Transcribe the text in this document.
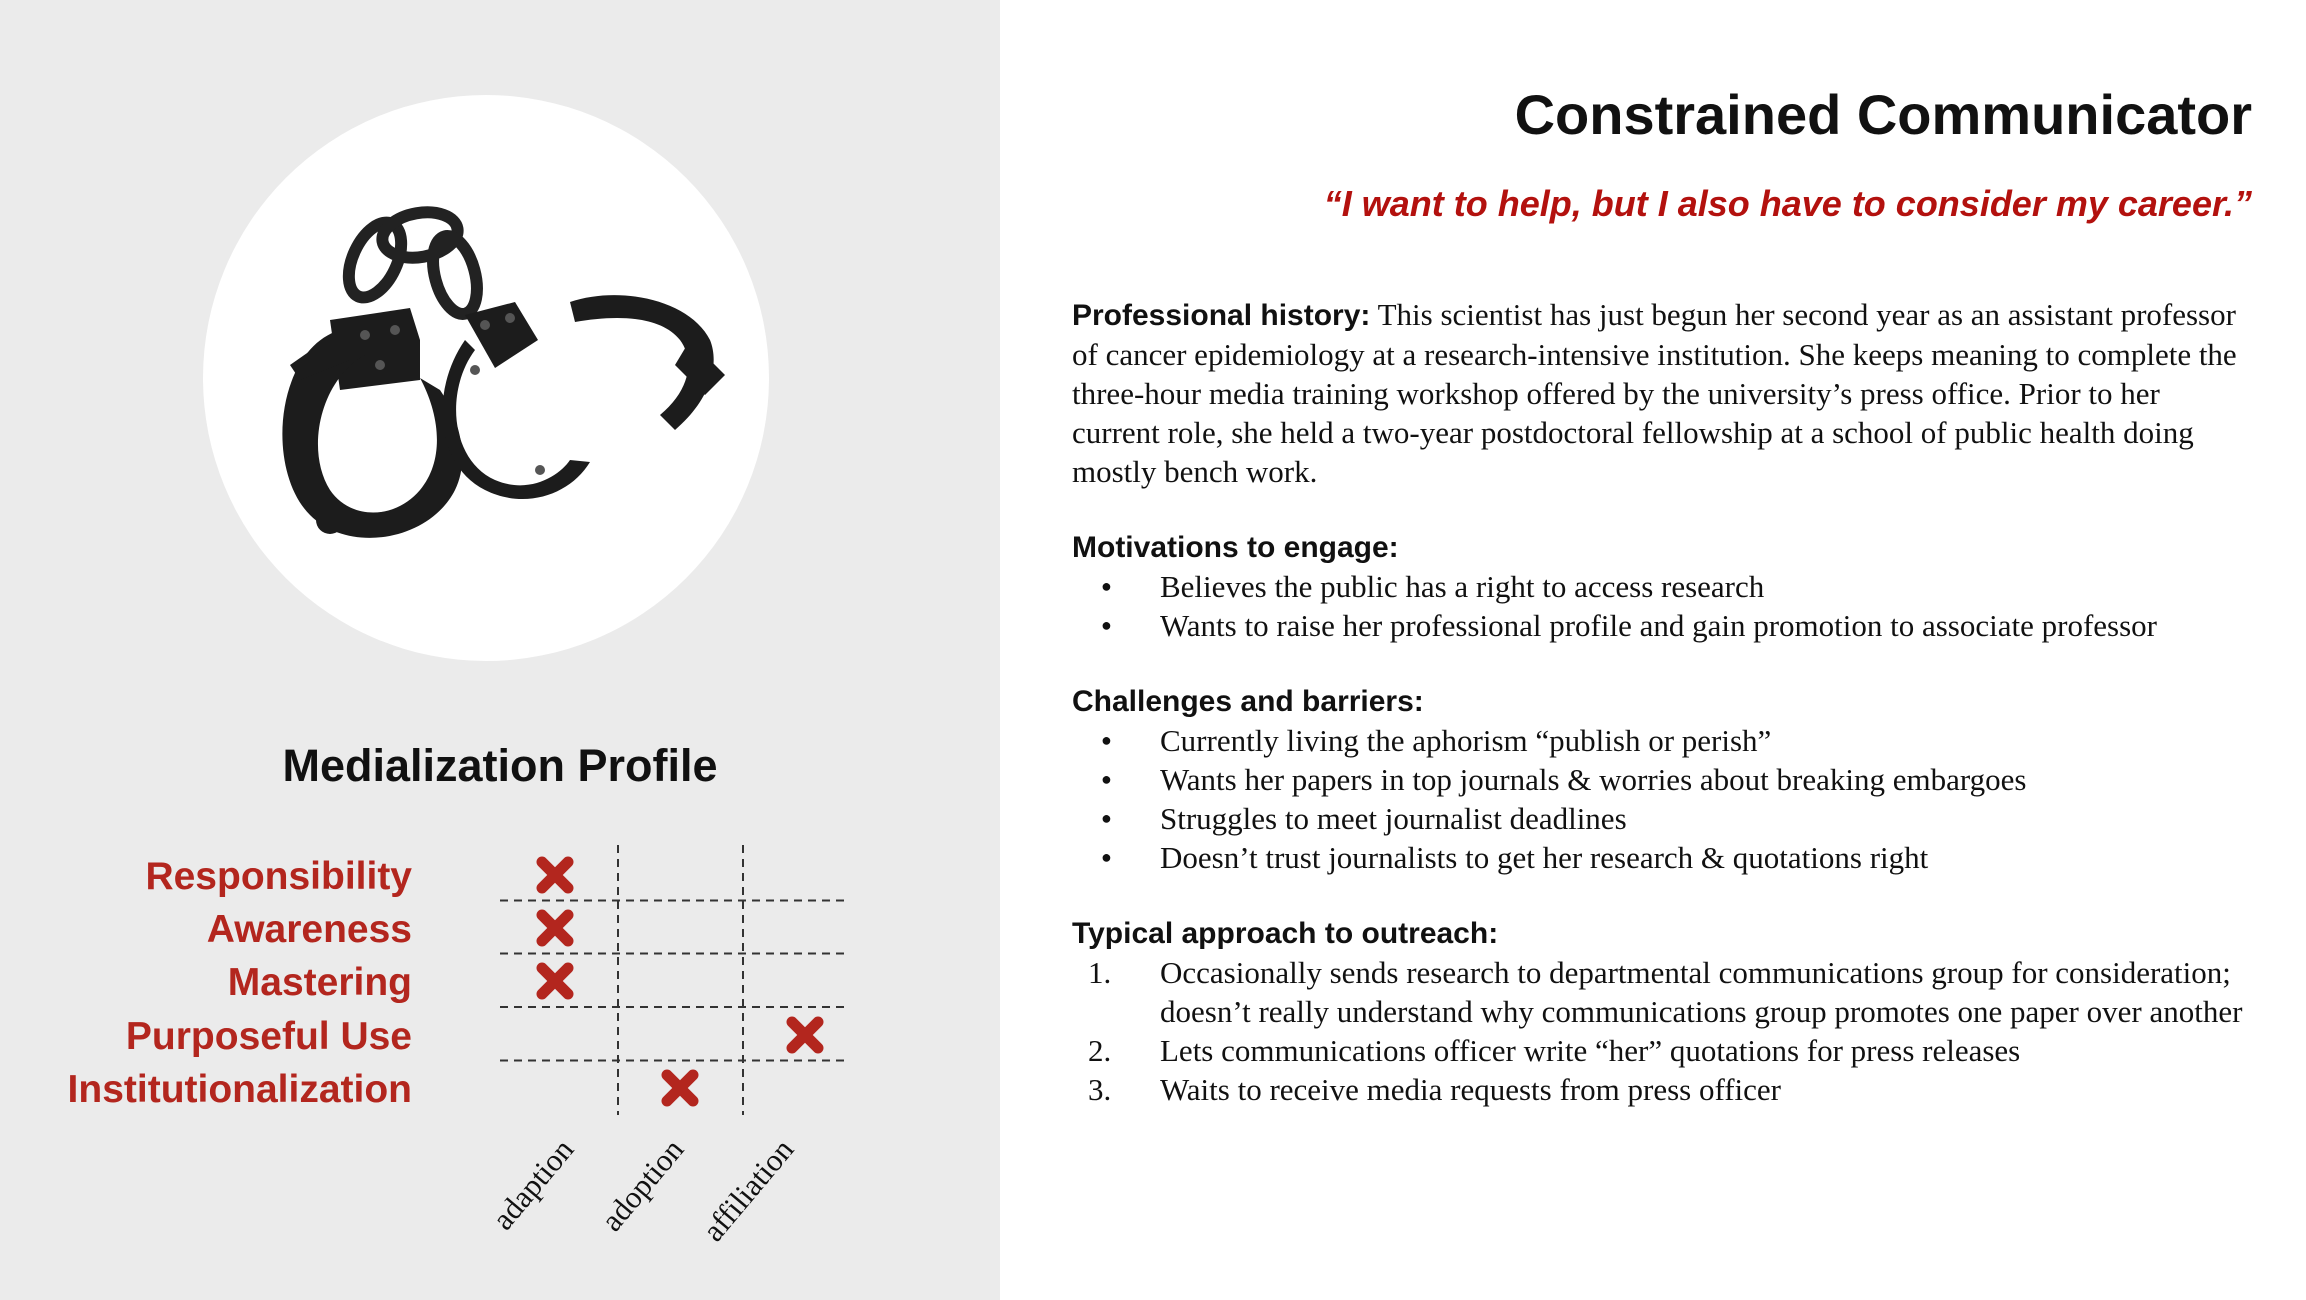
Medialization Profile
Responsibility
Awareness
Mastering
Purposeful Use
Institutionalization
adaption adoption affiliation
Constrained Communicator
“I want to help, but I also have to consider my career.”
Professional history: This scientist has just begun her second year as an assistant professor of cancer epidemiology at a research-intensive institution. She keeps meaning to complete the three-hour media training workshop offered by the university’s press office. Prior to her current role, she held a two-year postdoctoral fellowship at a school of public health doing mostly bench work.
Motivations to engage:
● Believes the public has a right to access research
● Wants to raise her professional profile and gain promotion to associate professor
Challenges and barriers:
● Currently living the aphorism “publish or perish”
● Wants her papers in top journals & worries about breaking embargoes
● Struggles to meet journalist deadlines
● Doesn’t trust journalists to get her research & quotations right
Typical approach to outreach:
1. Occasionally sends research to departmental communications group for consideration; doesn’t really understand why communications group promotes one paper over another
2. Lets communications officer write “her” quotations for press releases
3. Waits to receive media requests from press officer
